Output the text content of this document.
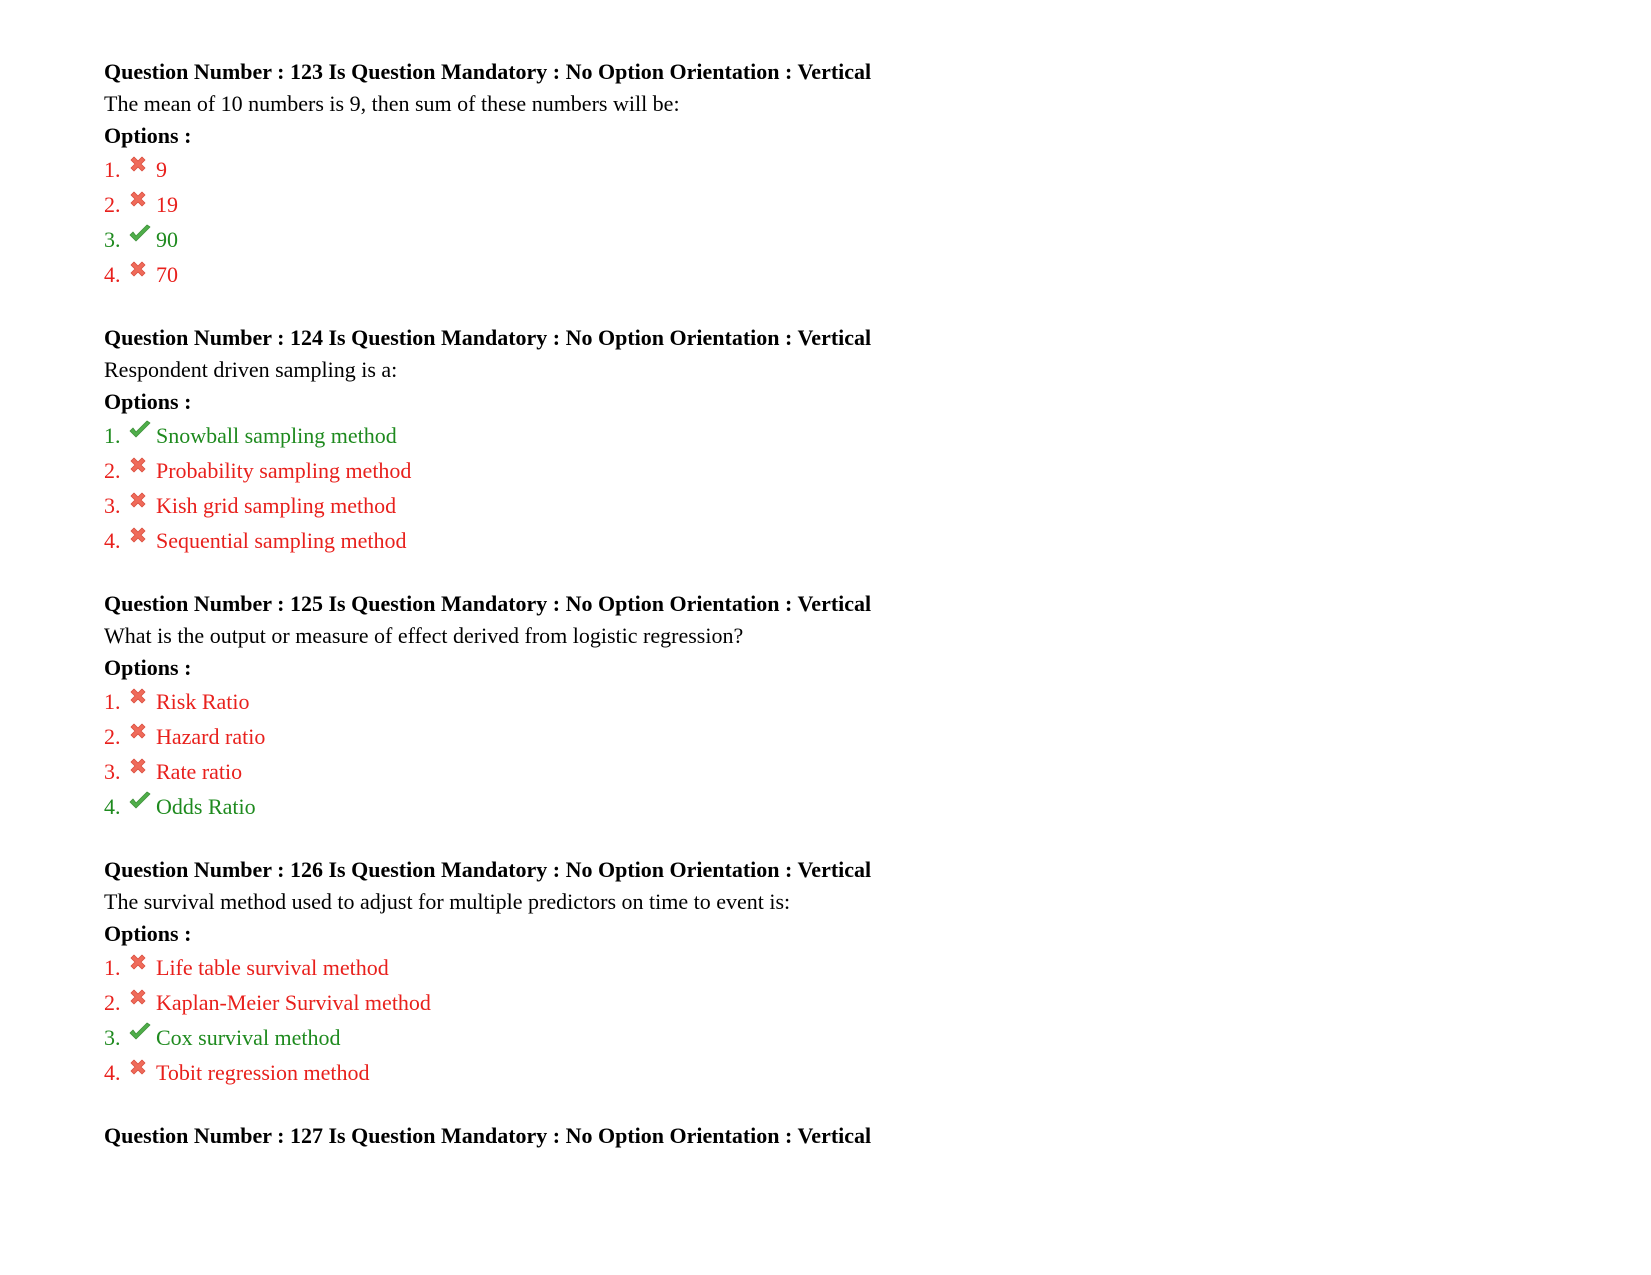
Question Number : 123 Is Question Mandatory : No Option Orientation : Vertical
The mean of 10 numbers is 9, then sum of these numbers will be:
Options :
1.	9
2.	19
3.	90
4.	70
Question Number : 124 Is Question Mandatory : No Option Orientation : Vertical
Respondent driven sampling is a:
Options :
1.	Snowball sampling method
2.	Probability sampling method
3.	Kish grid sampling method
4.	Sequential sampling method
Question Number : 125 Is Question Mandatory : No Option Orientation : Vertical
What is the output or measure of effect derived from logistic regression?
Options :
1.	Risk Ratio
2.	Hazard ratio
3.	Rate ratio
4.	Odds Ratio
Question Number : 126 Is Question Mandatory : No Option Orientation : Vertical
The survival method used to adjust for multiple predictors on time to event is:
Options :
1.	Life table survival method
2.	Kaplan-Meier Survival method
3.	Cox survival method
4.	Tobit regression method
Question Number : 127 Is Question Mandatory : No Option Orientation : Vertical
